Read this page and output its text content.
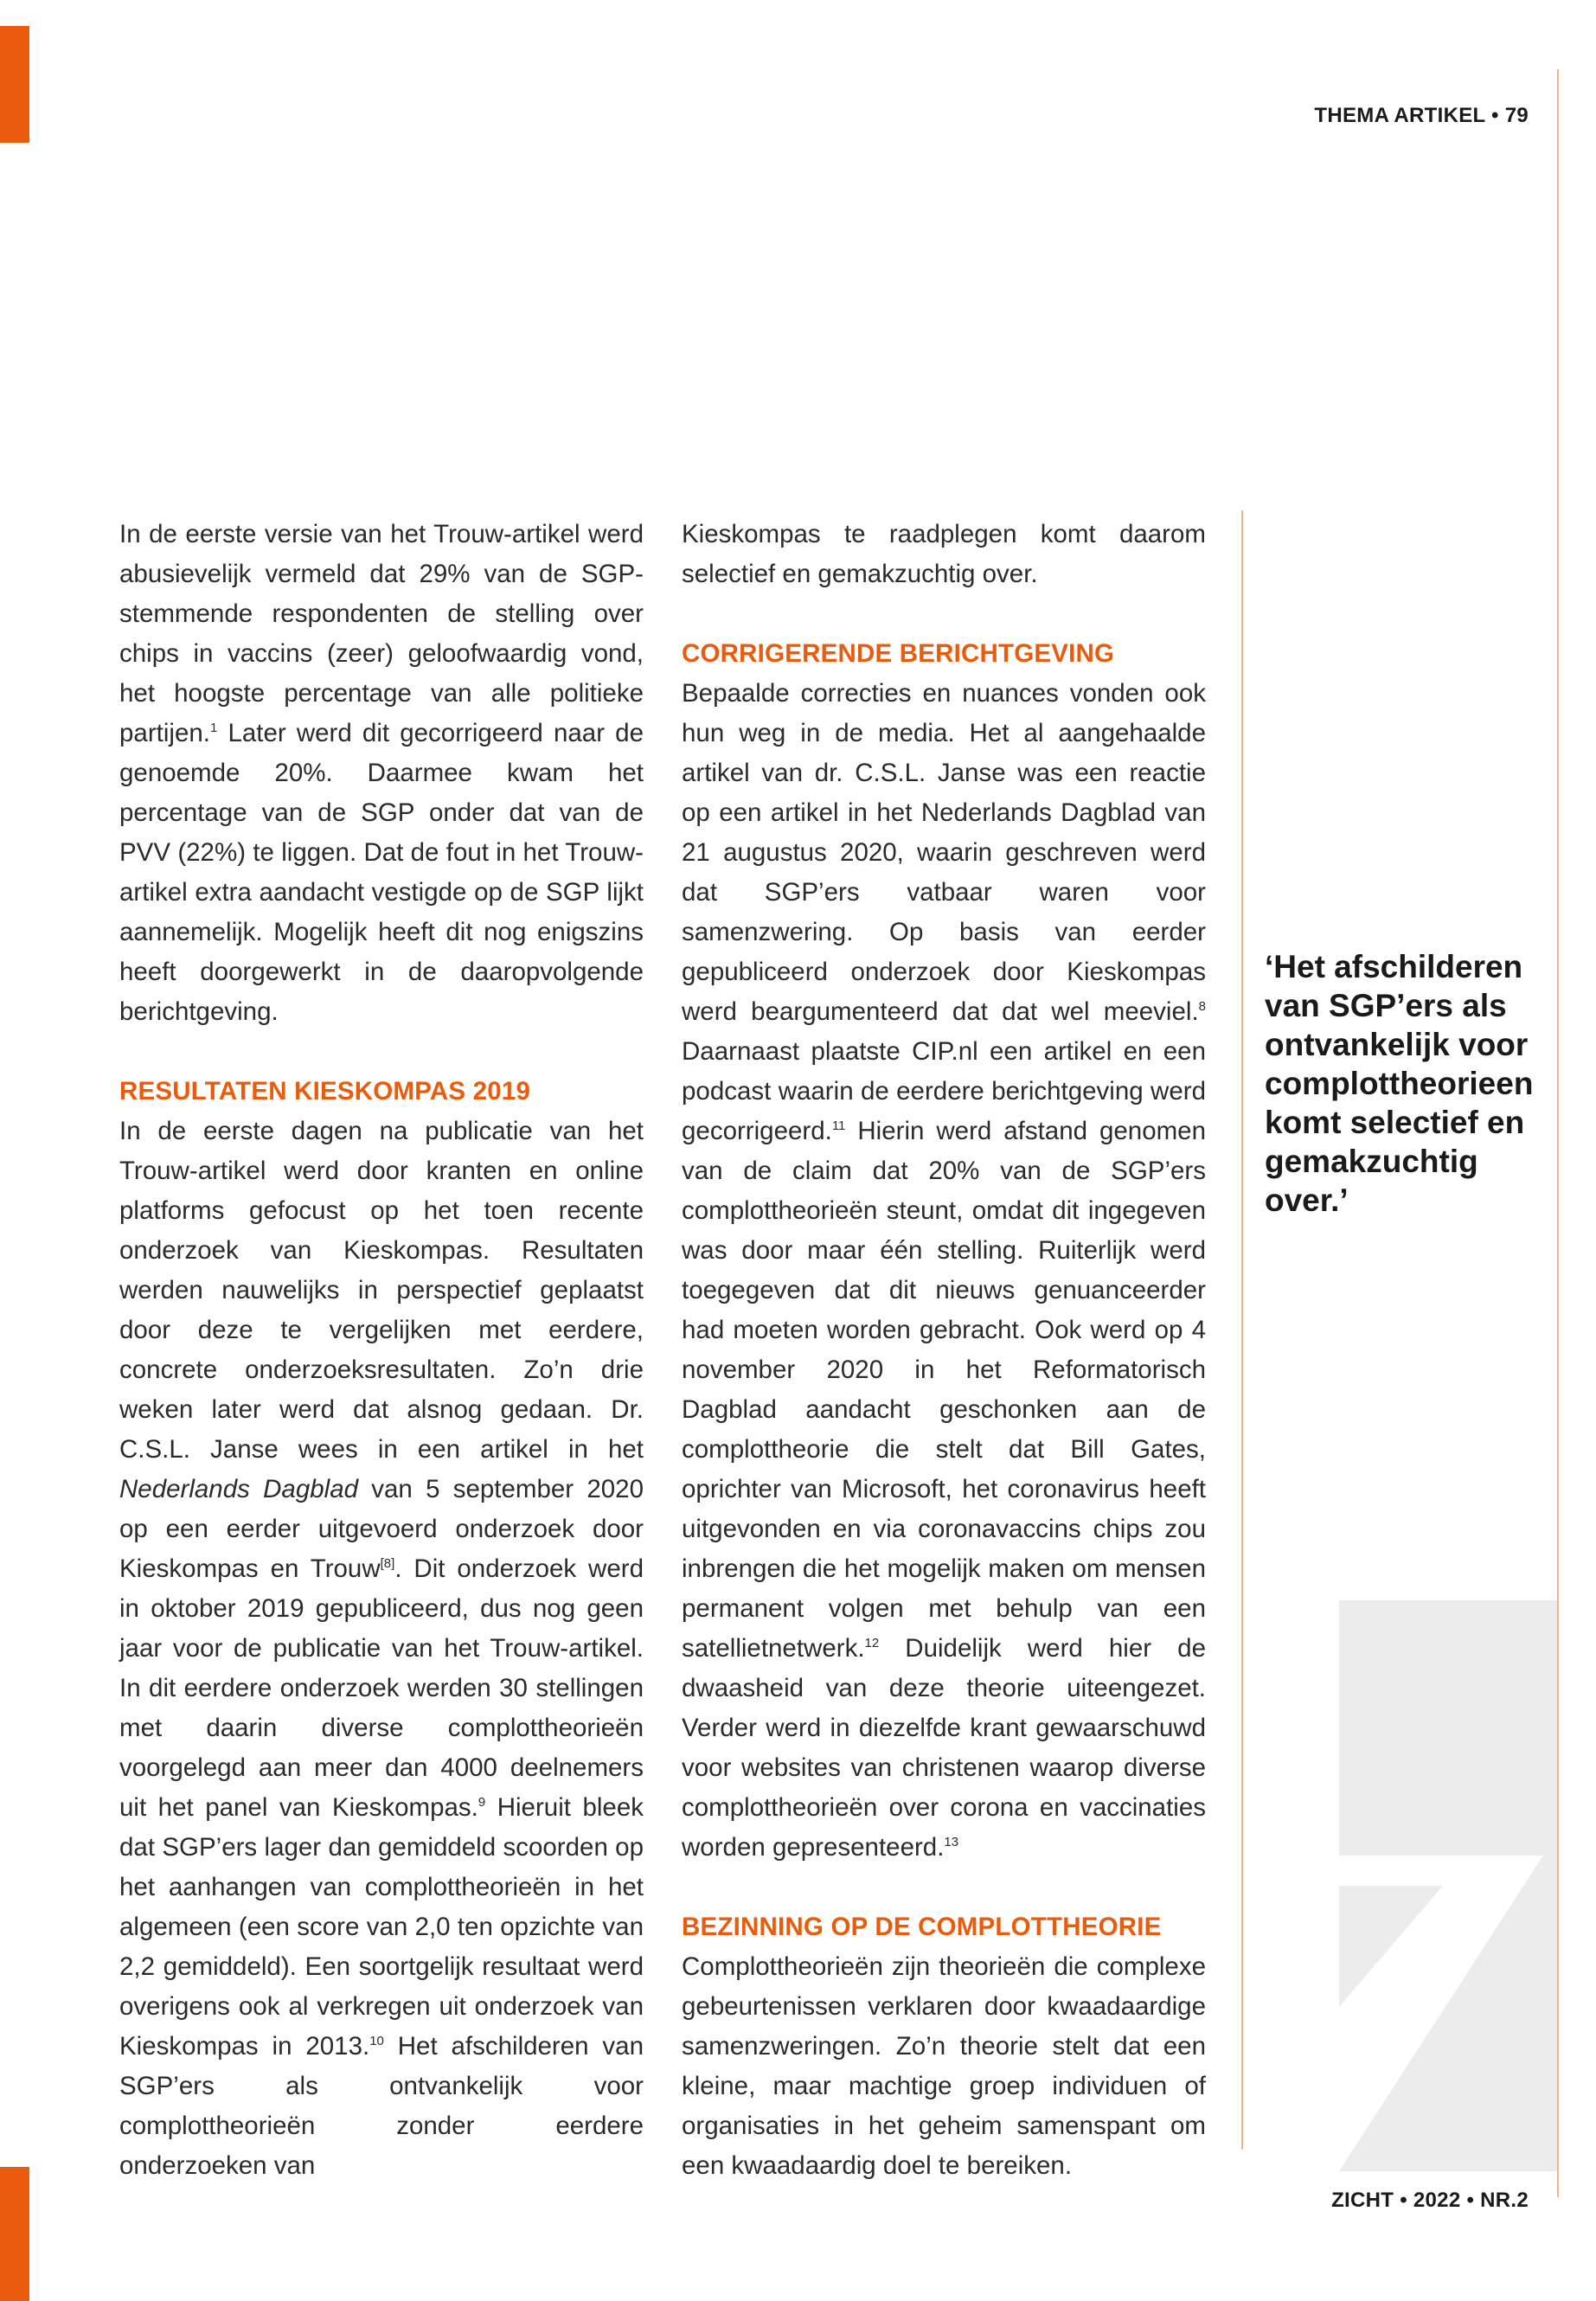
THEMA ARTIKEL • 79

In de eerste versie van het Trouw-artikel werd abusievelijk vermeld dat 29% van de SGP-stemmende respondenten de stelling over chips in vaccins (zeer) geloofwaardig vond, het hoogste percentage van alle politieke partijen.$^1$ Later werd dit gecorrigeerd naar de genoemde 20%. Daarmee kwam het percentage van de SGP onder dat van de PVV (22%) te liggen. Dat de fout in het Trouw-artikel extra aandacht vestigde op de SGP lijkt aannemelijk. Mogelijk heeft dit nog enigszins heeft doorgewerkt in de daaropvolgende berichtgeving.

RESULTATEN KIESKOMPAS 2019

In de eerste dagen na publicatie van het Trouw-artikel werd door kranten en online platforms gefocust op het toen recente onderzoek van Kieskompas. Resultaten werden nauwelijks in perspectief geplaatst door deze te vergelijken met eerdere, concrete onderzoeksresultaten. Zo’n drie weken later werd dat alsnog gedaan. Dr. C.S.L. Janse wees in een artikel in het Nederlands Dagblad van 5 september 2020 op een eerder uitgevoerd onderzoek door Kieskompas en Trouw[8]. Dit onderzoek werd in oktober 2019 gepubliceerd, dus nog geen jaar voor de publicatie van het Trouw-artikel. In dit eerdere onderzoek werden 30 stellingen met daarin diverse complottheorieën voorgelegd aan meer dan 4000 deelnemers uit het panel van Kieskompas.$^9$ Hieruit bleek dat SGP’ers lager dan gemiddeld scoorden op het aanhangen van complottheorieën in het algemeen (een score van 2,0 ten opzichte van 2,2 gemiddeld). Een soortgelijk resultaat werd overigens ook al verkregen uit onderzoek van Kieskompas in 2013.10 Het afschilderen van SGP’ers als ontvankelijk voor complottheorieën zonder eerdere onderzoeken van

Kieskompas te raadplegen komt daarom selectief en gemakzuchtig over.

CORRIGERENDE BERICHTGEVING

Bepaalde correcties en nuances vonden ook hun weg in de media. Het al aangehaalde artikel van dr. C.S.L. Janse was een reactie op een artikel in het Nederlands Dagblad van 21 augustus 2020, waarin geschreven werd dat SGP’ers vatbaar waren voor samenzwering. Op basis van eerder gepubliceerd onderzoek door Kieskompas werd beargumenteerd dat dat wel meeviel.$^8$ Daarnaast plaatste CIP.nl een artikel en een podcast waarin de eerdere berichtgeving werd gecorrigeerd.$^{11}$ Hierin werd afstand genomen van de claim dat 20% van de SGP’ers complottheorieën steunt, omdat dit ingegeven was door maar één stelling. Ruiterlijk werd toegegeven dat dit nieuws genuanceerder had moeten worden gebracht. Ook werd op 4 november 2020 in het Reformatorisch Dagblad aandacht geschonken aan de complottheorie die stelt dat Bill Gates, oprichter van Microsoft, het coronavirus heeft uitgevonden en via coronavaccins chips zou inbrengen die het mogelijk maken om mensen permanent volgen met behulp van een satellietnetwerk.$^{12}$ Duidelijk werd hier de dwaasheid van deze theorie uiteengezet. Verder werd in diezelfde krant gewaarschuwd voor websites van christenen waarop diverse complottheorieën over corona en vaccinaties worden gepresenteerd.$^{13}$

BEZINNING OP DE COMPLOTTHEORIE

Complottheorieën zijn theorieën die complexe gebeurtenissen verklaren door kwaadaardige samenzweringen. Zo’n theorie stelt dat een kleine, maar machtige groep individuen of organisaties in het geheim samenspant om een kwaadaardig doel te bereiken.

‘Het afschilderen van SGP’ers als ontvankelijk voor complottheorieen komt selectief en gemakzuchtig over.’
ZICHT • 2022 • NR.2
